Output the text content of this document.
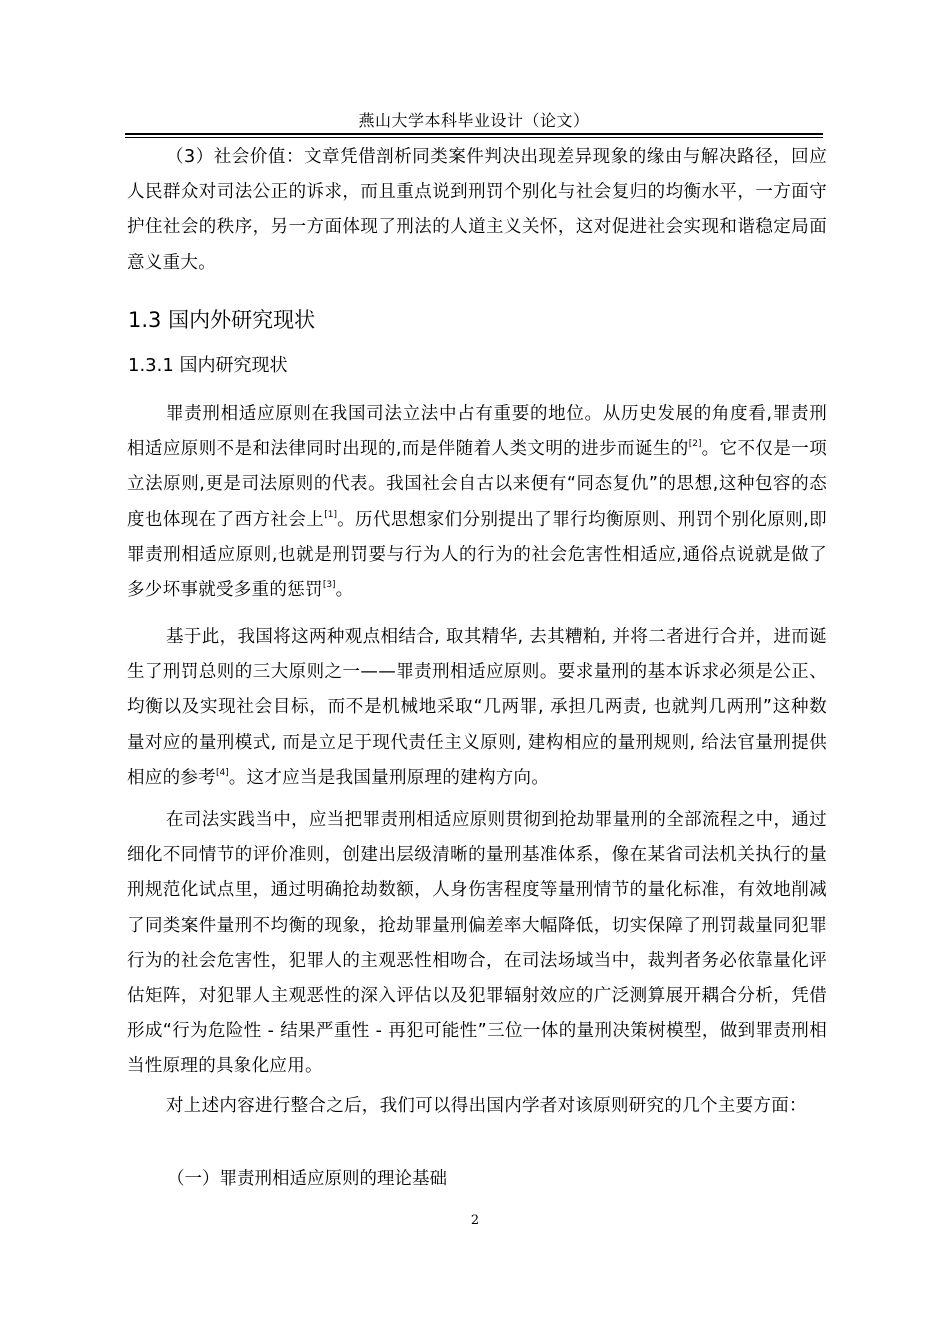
燕山大学本科毕业设计（论文）

（3）社会价值：文章凭借剖析同类案件判决出现差异现象的缘由与解决路径，回应人民群众对司法公正的诉求，而且重点说到刑罚个别化与社会复归的均衡水平，一方面守护住社会的秩序，另一方面体现了刑法的人道主义关怀，这对促进社会实现和谐稳定局面意义重大。

1.3 国内外研究现状
1.3.1 国内研究现状

罪责刑相适应原则在我国司法立法中占有重要的地位。从历史发展的角度看,罪责刑相适应原则不是和法律同时出现的,而是伴随着人类文明的进步而诞生的[2]。它不仅是一项立法原则,更是司法原则的代表。我国社会自古以来便有“同态复仇”的思想,这种包容的态度也体现在了西方社会上[1]。历代思想家们分别提出了罪行均衡原则、刑罚个别化原则,即罪责刑相适应原则,也就是刑罚要与行为人的行为的社会危害性相适应,通俗点说就是做了多少坏事就受多重的惩罚[3]。

基于此，我国将这两种观点相结合, 取其精华, 去其糟粕, 并将二者进行合并，进而诞生了刑罚总则的三大原则之一——罪责刑相适应原则。要求量刑的基本诉求必须是公正、均衡以及实现社会目标，而不是机械地采取“几两罪, 承担几两责, 也就判几两刑”这种数量对应的量刑模式, 而是立足于现代责任主义原则, 建构相应的量刑规则, 给法官量刑提供相应的参考[4]。这才应当是我国量刑原理的建构方向。

在司法实践当中，应当把罪责刑相适应原则贯彻到抢劫罪量刑的全部流程之中，通过细化不同情节的评价准则，创建出层级清晰的量刑基准体系，像在某省司法机关执行的量刑规范化试点里，通过明确抢劫数额，人身伤害程度等量刑情节的量化标准，有效地削减了同类案件量刑不均衡的现象，抢劫罪量刑偏差率大幅降低，切实保障了刑罚裁量同犯罪行为的社会危害性，犯罪人的主观恶性相吻合，在司法场域当中，裁判者务必依靠量化评估矩阵，对犯罪人主观恶性的深入评估以及犯罪辐射效应的广泛测算展开耦合分析，凭借形成“行为危险性 - 结果严重性 - 再犯可能性”三位一体的量刑决策树模型，做到罪责刑相当性原理的具象化应用。

对上述内容进行整合之后，我们可以得出国内学者对该原则研究的几个主要方面：

（一）罪责刑相适应原则的理论基础
2
